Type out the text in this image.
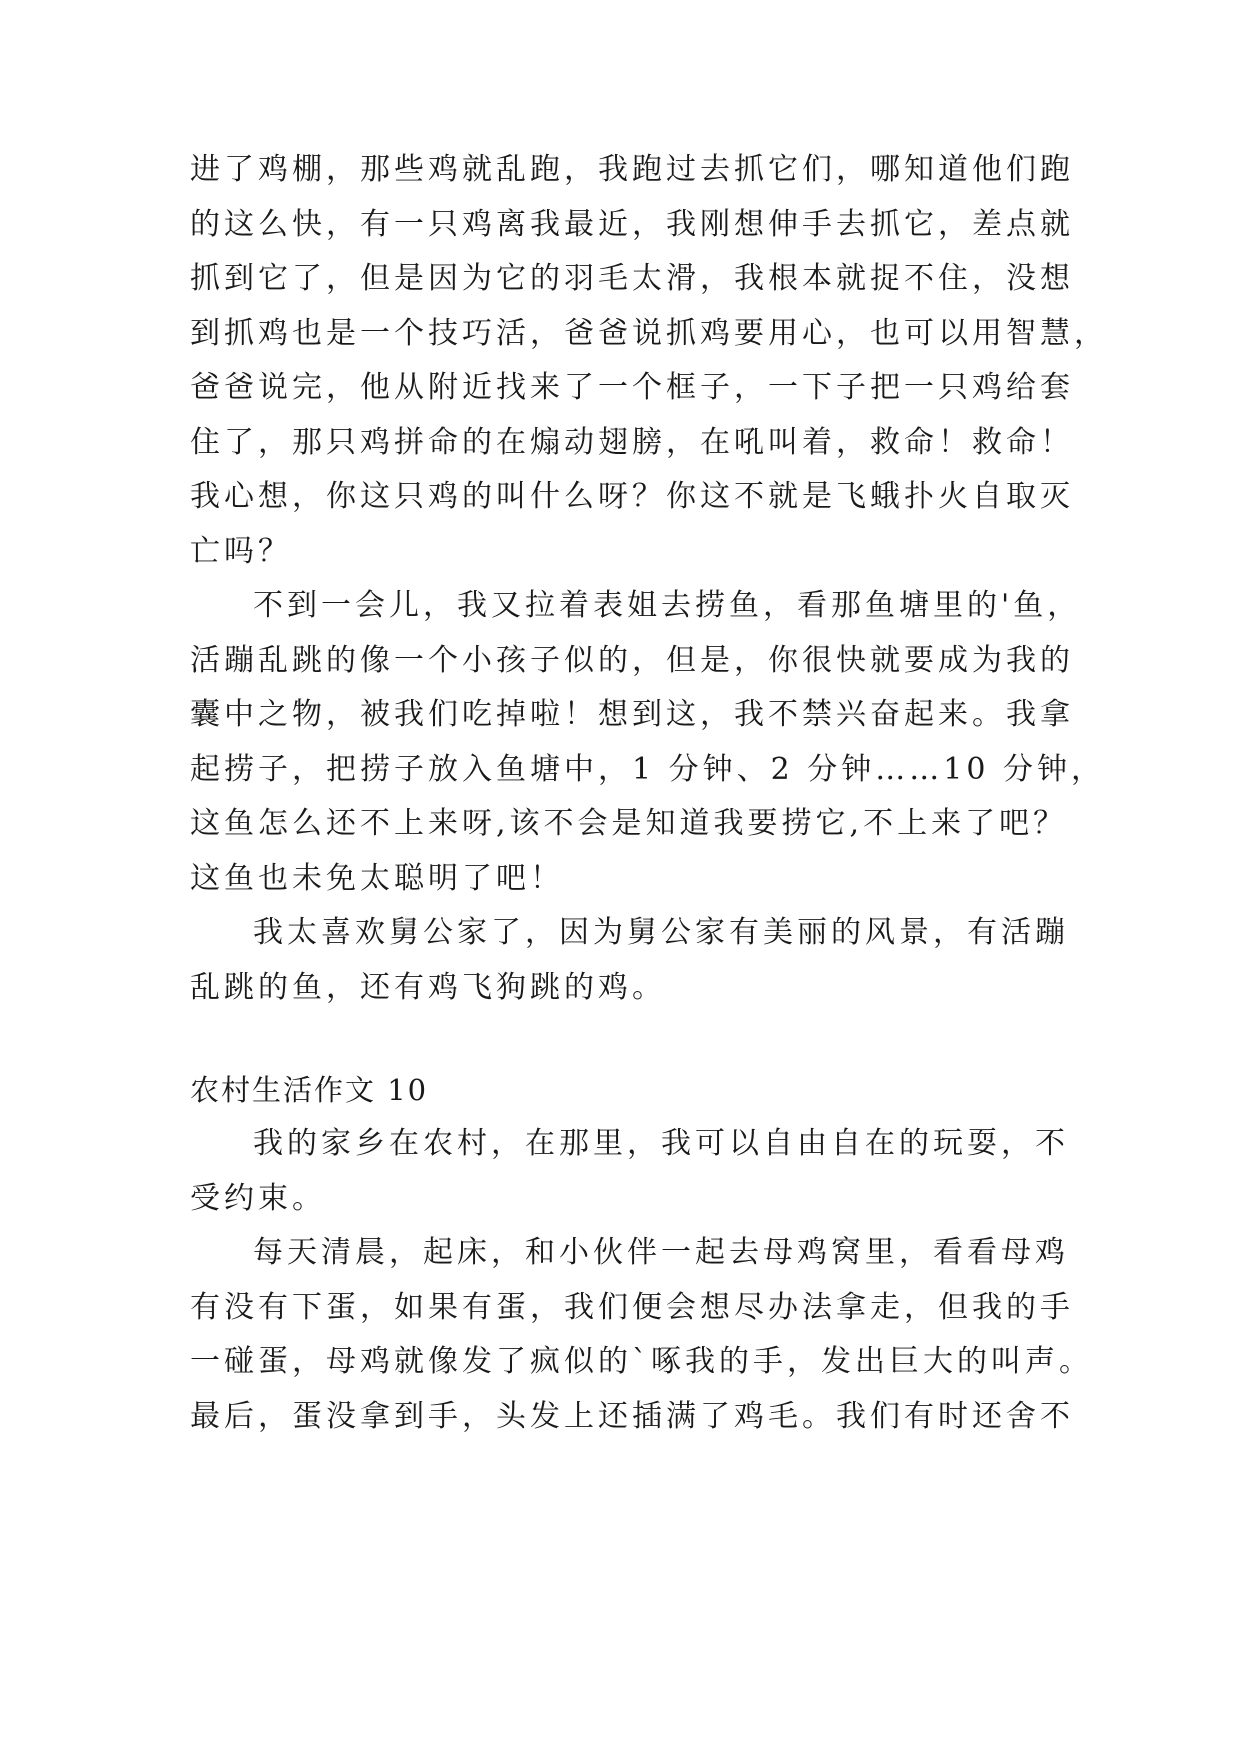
进了鸡棚，那些鸡就乱跑，我跑过去抓它们，哪知道他们跑
的这么快，有一只鸡离我最近，我刚想伸手去抓它，差点就
抓到它了，但是因为它的羽毛太滑，我根本就捉不住，没想
到抓鸡也是一个技巧活，爸爸说抓鸡要用心，也可以用智慧，
爸爸说完，他从附近找来了一个框子，一下子把一只鸡给套
住了，那只鸡拼命的在煽动翅膀，在吼叫着，救命！救命！
我心想，你这只鸡的叫什么呀？你这不就是飞蛾扑火自取灭
亡吗？
不到一会儿，我又拉着表姐去捞鱼，看那鱼塘里的'鱼，
活蹦乱跳的像一个小孩子似的，但是，你很快就要成为我的
囊中之物，被我们吃掉啦！想到这，我不禁兴奋起来。我拿
起捞子，把捞子放入鱼塘中，1 分钟、2 分钟……10 分钟，
这鱼怎么还不上来呀,该不会是知道我要捞它,不上来了吧？
这鱼也未免太聪明了吧！
我太喜欢舅公家了，因为舅公家有美丽的风景，有活蹦
乱跳的鱼，还有鸡飞狗跳的鸡。
农村生活作文 10
我的家乡在农村，在那里，我可以自由自在的玩耍，不
受约束。
每天清晨，起床，和小伙伴一起去母鸡窝里，看看母鸡
有没有下蛋，如果有蛋，我们便会想尽办法拿走，但我的手
一碰蛋，母鸡就像发了疯似的`啄我的手，发出巨大的叫声。
最后，蛋没拿到手，头发上还插满了鸡毛。我们有时还舍不
